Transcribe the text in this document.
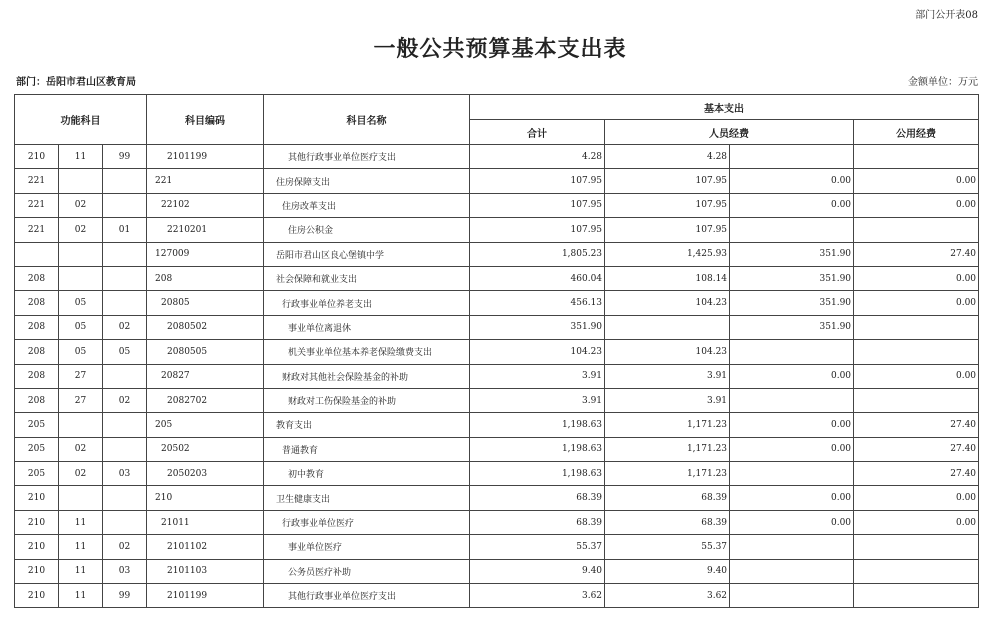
部门公开表08
一般公共预算基本支出表
部门：岳阳市君山区教育局	金额单位：万元
功能科目			科目编码	科目名称	基本支出			
					合计	人员经费		公用经费
210	11	99	2101199	其他行政事业单位医疗支出	4.28	4.28		
221			221	住房保障支出	107.95	107.95	0.00	0.00
221	02		22102	住房改革支出	107.95	107.95	0.00	0.00
221	02	01	2210201	住房公积金	107.95	107.95		
			127009	岳阳市君山区良心堡镇中学	1,805.23	1,425.93	351.90	27.40
208			208	社会保障和就业支出	460.04	108.14	351.90	0.00
208	05		20805	行政事业单位养老支出	456.13	104.23	351.90	0.00
208	05	02	2080502	事业单位离退休	351.90		351.90	
208	05	05	2080505	机关事业单位基本养老保险缴费支出	104.23	104.23		
208	27		20827	财政对其他社会保险基金的补助	3.91	3.91	0.00	0.00
208	27	02	2082702	财政对工伤保险基金的补助	3.91	3.91		
205			205	教育支出	1,198.63	1,171.23	0.00	27.40
205	02		20502	普通教育	1,198.63	1,171.23	0.00	27.40
205	02	03	2050203	初中教育	1,198.63	1,171.23		27.40
210			210	卫生健康支出	68.39	68.39	0.00	0.00
210	11		21011	行政事业单位医疗	68.39	68.39	0.00	0.00
210	11	02	2101102	事业单位医疗	55.37	55.37		
210	11	03	2101103	公务员医疗补助	9.40	9.40		
210	11	99	2101199	其他行政事业单位医疗支出	3.62	3.62		
